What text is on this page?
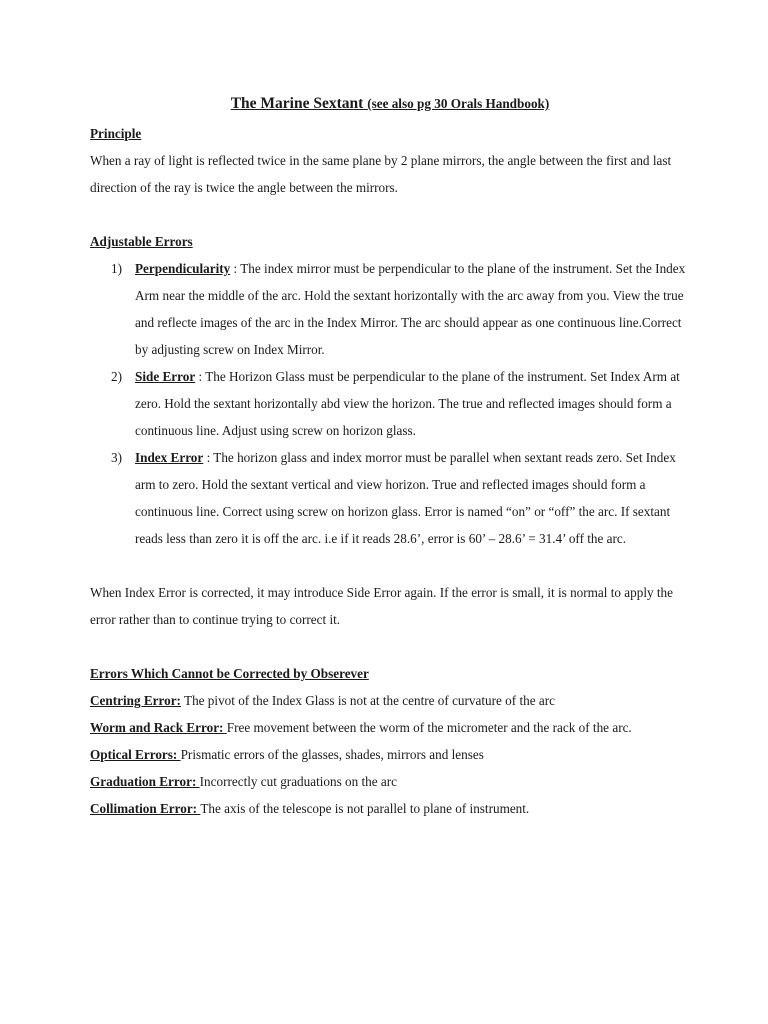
The Marine Sextant (see also pg 30 Orals Handbook)

Principle

When a ray of light is reflected twice in the same plane by 2 plane mirrors, the angle between the first and last direction of the ray is twice the angle between the mirrors.

Adjustable Errors

1) Perpendicularity : The index mirror must be perpendicular to the plane of the instrument. Set the Index Arm near the middle of the arc. Hold the sextant horizontally with the arc away from you. View the true and reflecte images of the arc in the Index Mirror. The arc should appear as one continuous line.Correct by adjusting screw on Index Mirror.
2) Side Error : The Horizon Glass must be perpendicular to the plane of the instrument. Set Index Arm at zero. Hold the sextant horizontally abd view the horizon. The true and reflected images should form a continuous line. Adjust using screw on horizon glass.
3) Index Error : The horizon glass and index morror must be parallel when sextant reads zero. Set Index arm to zero. Hold the sextant vertical and view horizon. True and reflected images should form a continuous line. Correct using screw on horizon glass. Error is named “on” or “off” the arc. If sextant reads less than zero it is off the arc. i.e if it reads 28.6’, error is 60’ – 28.6’ = 31.4’ off the arc.

When Index Error is corrected, it may introduce Side Error again. If the error is small, it is normal to apply the error rather than to continue trying to correct it.

Errors Which Cannot be Corrected by Obserever

Centring Error: The pivot of the Index Glass is not at the centre of curvature of the arc

Worm and Rack Error: Free movement between the worm of the micrometer and the rack of the arc.

Optical Errors: Prismatic errors of the glasses, shades, mirrors and lenses

Graduation Error: Incorrectly cut graduations on the arc

Collimation Error: The axis of the telescope is not parallel to plane of instrument.
